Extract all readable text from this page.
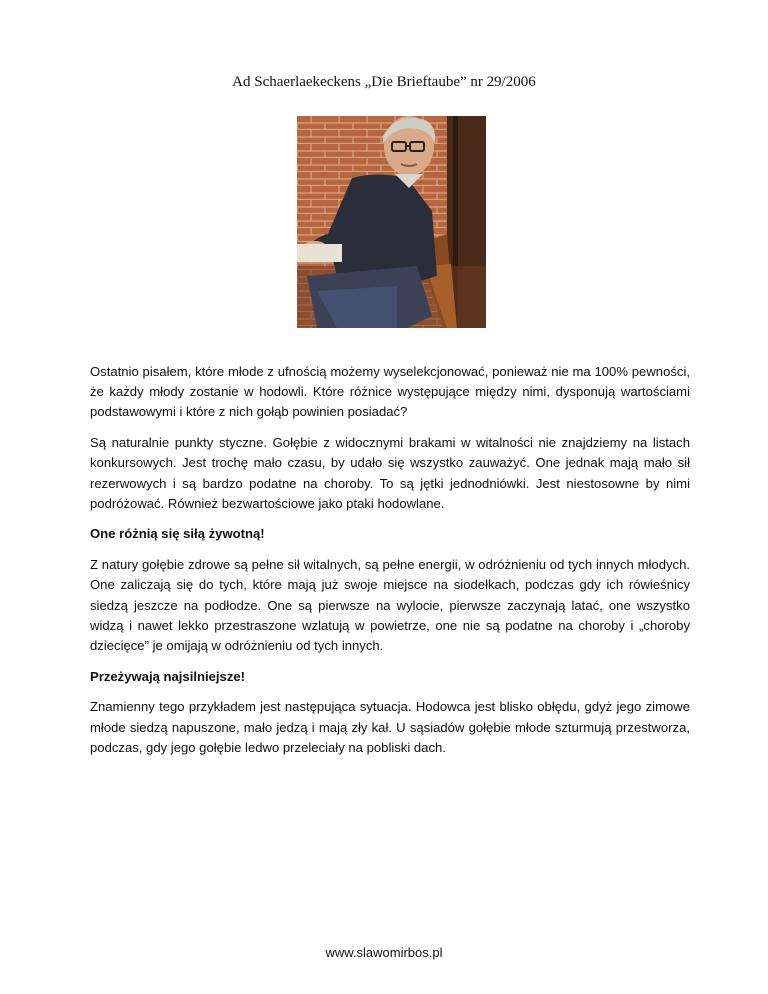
Ad Schaerlaekeckens „Die Brieftaube” nr 29/2006

Ostatnio pisałem, które młode z ufnością możemy wyselekcjonować, ponieważ nie ma 100% pewności, że każdy młody zostanie w hodowli. Które różnice występujące między nimi, dysponują wartościami podstawowymi i które z nich gołąb powinien posiadać?

Są naturalnie punkty styczne. Gołębie z widocznymi brakami w witalności nie znajdziemy na listach konkursowych. Jest trochę mało czasu, by udało się wszystko zauważyć. One jednak mają mało sił rezerwowych i są bardzo podatne na choroby. To są jętki jednodniówki. Jest niestosowne by nimi podróżować. Również bezwartościowe jako ptaki hodowlane.

One różnią się siłą żywotną!

Z natury gołębie zdrowe są pełne sił witalnych, są pełne energii, w odróżnieniu od tych innych młodych. One zaliczają się do tych, które mają już swoje miejsce na siodełkach, podczas gdy ich rówieśnicy siedzą jeszcze na podłodze. One są pierwsze na wylocie, pierwsze zaczynają latać, one wszystko widzą i nawet lekko przestraszone wzlatują w powietrze, one nie są podatne na choroby i „choroby dziecięce” je omijają w odróżnieniu od tych innych.

Przeżywają najsilniejsze!

Znamienny tego przykładem jest następująca sytuacja. Hodowca jest blisko obłędu, gdyż jego zimowe młode siedzą napuszone, mało jedzą i mają zły kał. U sąsiadów gołębie młode szturmują przestworza, podczas, gdy jego gołębie ledwo przeleciały na pobliski dach.

www.slawomirbos.pl
